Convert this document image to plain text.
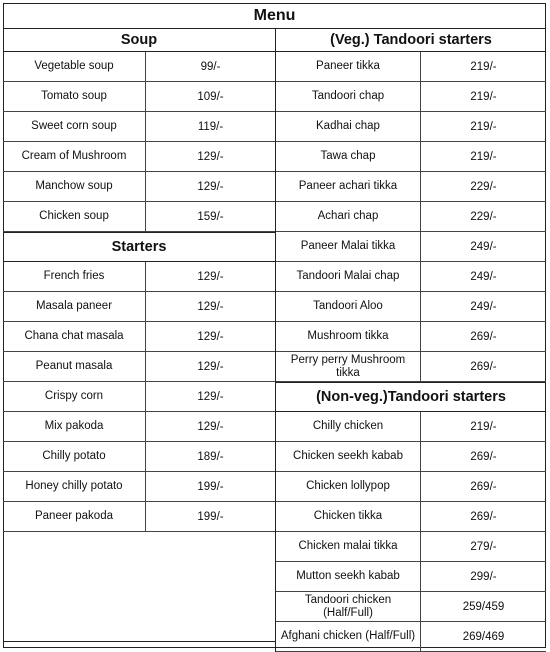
Menu
Soup
Vegetable soup	99/-
Tomato soup	109/-
Sweet corn soup	119/-
Cream of Mushroom	129/-
Manchow soup	129/-
Chicken soup	159/-
Starters
French fries	129/-
Masala paneer	129/-
Chana chat masala	129/-
Peanut masala	129/-
Crispy corn	129/-
Mix pakoda	129/-
Chilly potato	189/-
Honey chilly potato	199/-
Paneer pakoda	199/-
(Veg.) Tandoori starters
Paneer tikka	219/-
Tandoori chap	219/-
Kadhai chap	219/-
Tawa chap	219/-
Paneer achari tikka	229/-
Achari chap	229/-
Paneer Malai tikka	249/-
Tandoori Malai chap	249/-
Tandoori Aloo	249/-
Mushroom tikka	269/-
Perry perry Mushroom tikka	269/-
(Non-veg.)Tandoori starters
Chilly chicken	219/-
Chicken seekh kabab	269/-
Chicken lollypop	269/-
Chicken tikka	269/-
Chicken malai tikka	279/-
Mutton seekh kabab	299/-
Tandoori chicken (Half/Full)	259/459
Afghani chicken (Half/Full)	269/469
